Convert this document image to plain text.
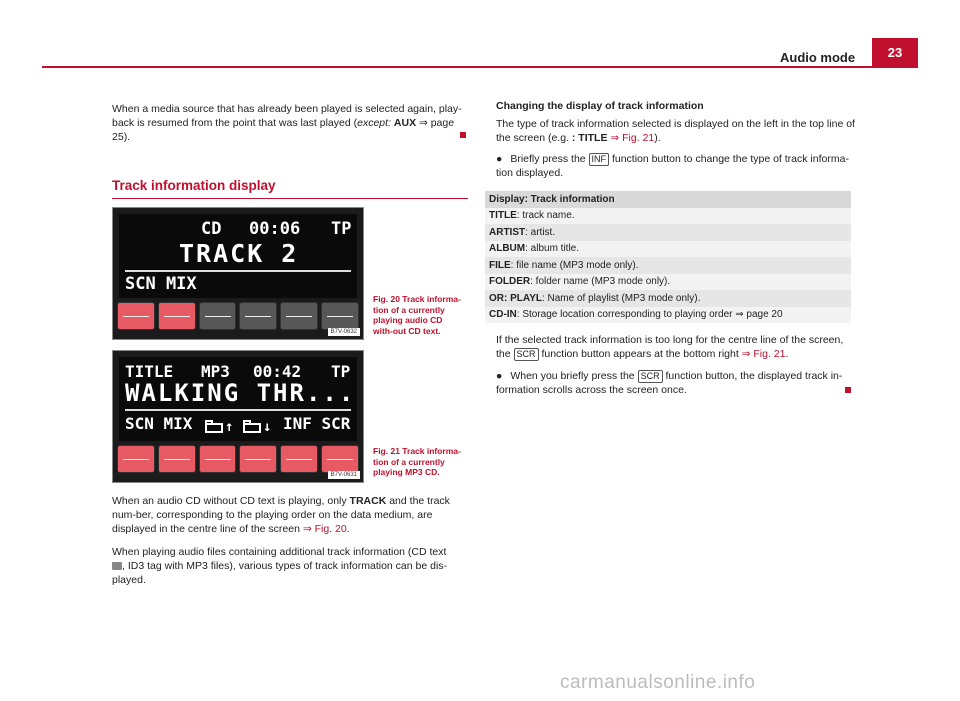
Audio mode	23
When a media source that has already been played is selected again, play-back is resumed from the point that was last played (except: AUX ⇒ page 25).
Track information display
CD 00:06 TP
TRACK 2
SCN MIX
B7V-0632
Fig. 20 Track informa-tion of a currently playing audio CD with-out CD text.
TITLE MP3 00:42 TP
WALKING THR...
SCN MIX	↑	↓ INF SCR
B7V-0631
Fig. 21 Track informa-tion of a currently playing MP3 CD.
When an audio CD without CD text is playing, only TRACK and the track num-ber, corresponding to the playing order on the data medium, are displayed in the centre line of the screen ⇒ Fig. 20.
When playing audio files containing additional track information (CD text
, ID3 tag with MP3 files), various types of track information can be dis-played.
Changing the display of track information
The type of track information selected is displayed on the left in the top line of the screen (e.g. : TITLE ⇒ Fig. 21).
● Briefly press the INF function button to change the type of track informa-tion displayed.
Display: Track information
TITLE: track name.
ARTIST: artist.
ALBUM: album title.
FILE: file name (MP3 mode only).
FOLDER: folder name (MP3 mode only).
OR: PLAYL: Name of playlist (MP3 mode only).
CD-IN: Storage location corresponding to playing order ⇒ page 20
If the selected track information is too long for the centre line of the screen, the SCR function button appears at the bottom right ⇒ Fig. 21.
● When you briefly press the SCR function button, the displayed track in-formation scrolls across the screen once.
carmanualsonline.info
